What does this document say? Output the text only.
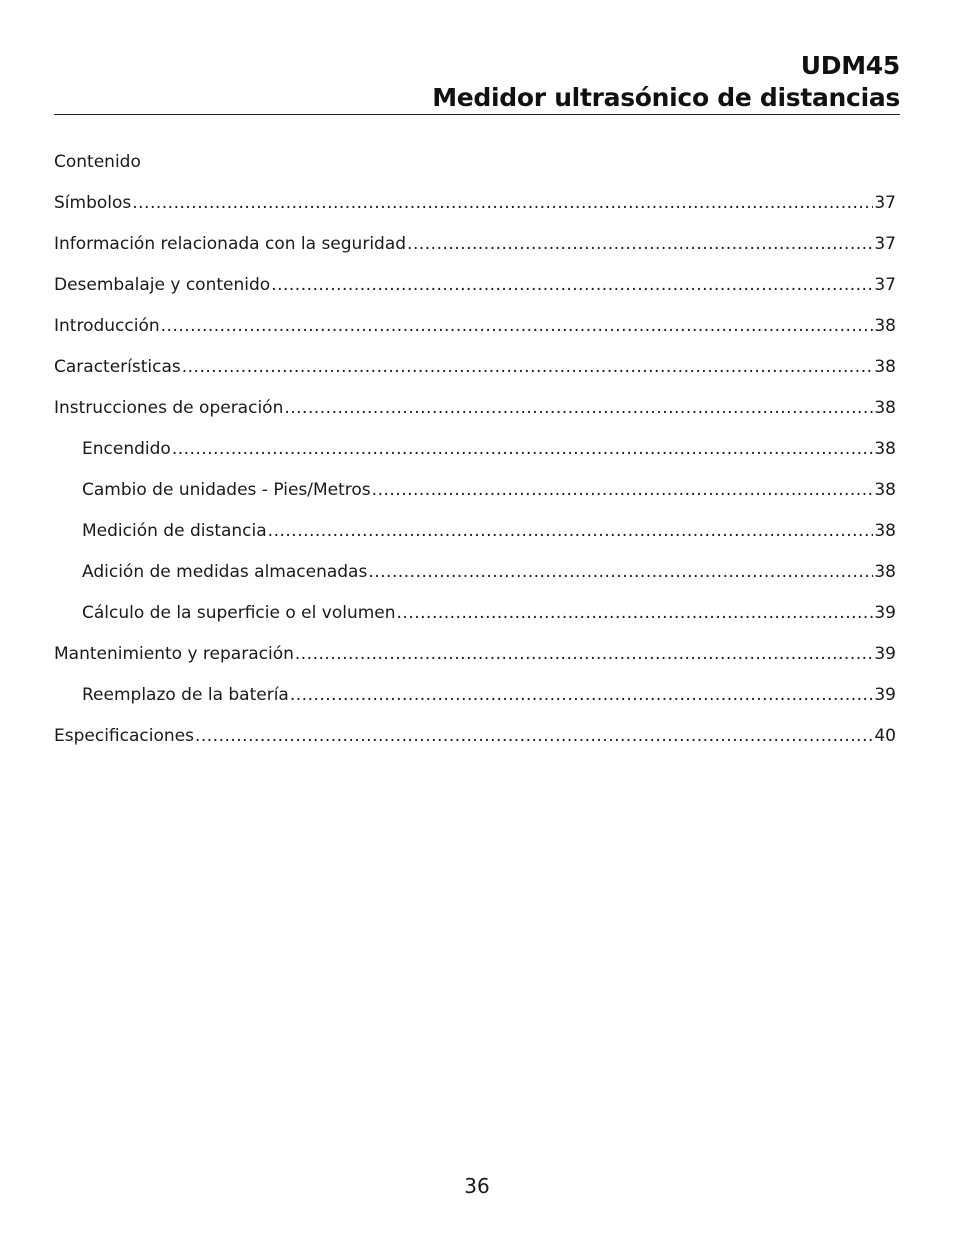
UDM45
Medidor ultrasónico de distancias
Contenido
Símbolos .....	37
Información relacionada con la seguridad .....	37
Desembalaje y contenido .....	37
Introducción .....	38
Características .....	38
Instrucciones de operación .....	38
Encendido .....	38
Cambio de unidades - Pies/Metros .....	38
Medición de distancia .....	38
Adición de medidas almacenadas .....	38
Cálculo de la superficie o el volumen .....	39
Mantenimiento y reparación .....	39
Reemplazo de la batería .....	39
Especificaciones .....	40
36
